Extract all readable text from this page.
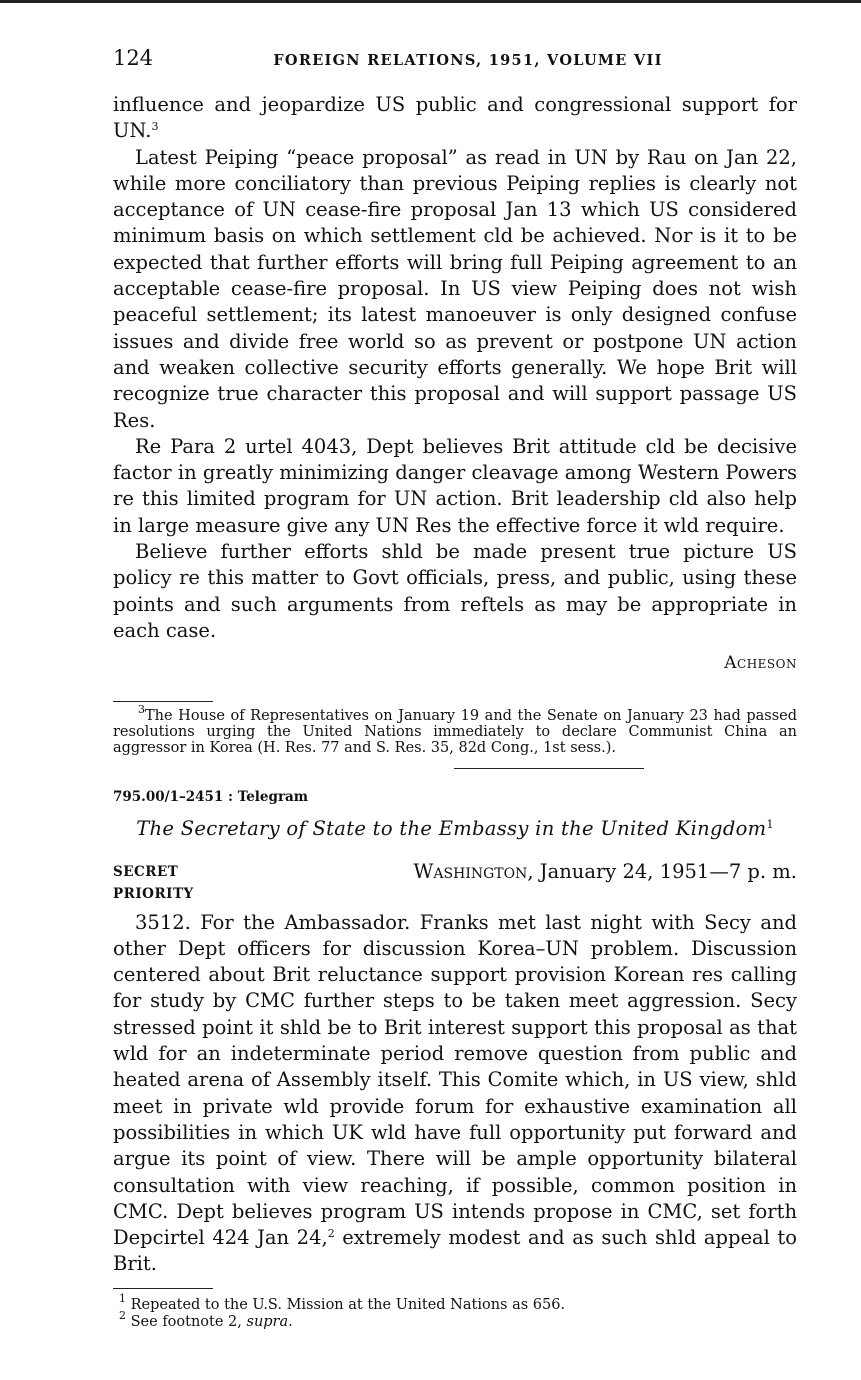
124	FOREIGN RELATIONS, 1951, VOLUME VII

influence and jeopardize US public and congressional support for UN.$^3$

Latest Peiping “peace proposal” as read in UN by Rau on Jan 22, while more conciliatory than previous Peiping replies is clearly not acceptance of UN cease-fire proposal Jan 13 which US considered minimum basis on which settlement cld be achieved. Nor is it to be expected that further efforts will bring full Peiping agreement to an acceptable cease-fire proposal. In US view Peiping does not wish peaceful settlement; its latest manoeuver is only designed confuse issues and divide free world so as prevent or postpone UN action and weaken collective security efforts generally. We hope Brit will recognize true character this proposal and will support passage US Res.

Re Para 2 urtel 4043, Dept believes Brit attitude cld be decisive factor in greatly minimizing danger cleavage among Western Powers re this limited program for UN action. Brit leadership cld also help in large measure give any UN Res the effective force it wld require.

Believe further efforts shld be made present true picture US policy re this matter to Govt officials, press, and public, using these points and such arguments from reftels as may be appropriate in each case.

Acheson

$^3$The House of Representatives on January 19 and the Senate on January 23 had passed resolutions urging the United Nations immediately to declare Communist China an aggressor in Korea (H. Res. 77 and S. Res. 35, 82d Cong., 1st sess.).

795.00/1–2451 : Telegram
The Secretary of State to the Embassy in the United Kingdom$^1$
SECRET	Washington, January 24, 1951—7 p. m.
PRIORITY

3512. For the Ambassador. Franks met last night with Secy and other Dept officers for discussion Korea–UN problem. Discussion centered about Brit reluctance support provision Korean res calling for study by CMC further steps to be taken meet aggression. Secy stressed point it shld be to Brit interest support this proposal as that wld for an indeterminate period remove question from public and heated arena of Assembly itself. This Comite which, in US view, shld meet in private wld provide forum for exhaustive examination all possibilities in which UK wld have full opportunity put forward and argue its point of view. There will be ample opportunity bilateral consultation with view reaching, if possible, common position in CMC. Dept believes program US intends propose in CMC, set forth Depcirtel 424 Jan 24,$^2$ extremely modest and as such shld appeal to Brit.

$^1$ Repeated to the U.S. Mission at the United Nations as 656.

$^2$ See footnote 2, supra.
